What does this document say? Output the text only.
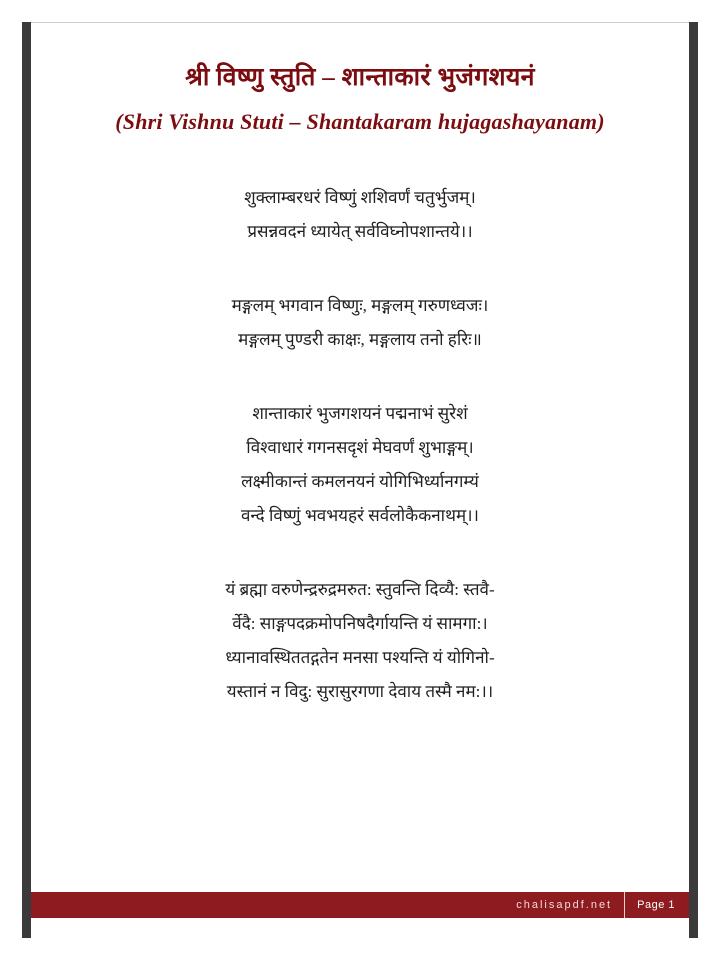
श्री विष्णु स्तुति – शान्ताकारं भुजंगशयनं
(Shri Vishnu Stuti – Shantakaram hujagashayanam)
शुक्लाम्बरधरं विष्णुं शशिवर्णं चतुर्भुजम्।
प्रसन्नवदनं ध्यायेत् सर्वविघ्नोपशान्तये।।
मङ्गलम् भगवान विष्णुः, मङ्गलम् गरुणध्वजः।
मङ्गलम् पुण्डरी काक्षः, मङ्गलाय तनो हरिः॥
शान्ताकारं भुजगशयनं पद्मनाभं सुरेशं
विश्वाधारं गगनसदृशं मेघवर्णं शुभाङ्गम्।
लक्ष्मीकान्तं कमलनयनं योगिभिर्ध्यानगम्यं
वन्दे विष्णुं भवभयहरं सर्वलोकैकनाथम्।।
यं ब्रह्मा वरुणेन्द्ररुद्रमरुत: स्तुवन्ति दिव्यै: स्तवै-
र्वेदै: साङ्गपदक्रमोपनिषदैर्गायन्ति यं सामगा:।
ध्यानावस्थिततद्गतेन मनसा पश्यन्ति यं योगिनो-
यस्तानं न विदु: सुरासुरगणा देवाय तस्मै नम:।।
chalisapdf.net	Page 1
